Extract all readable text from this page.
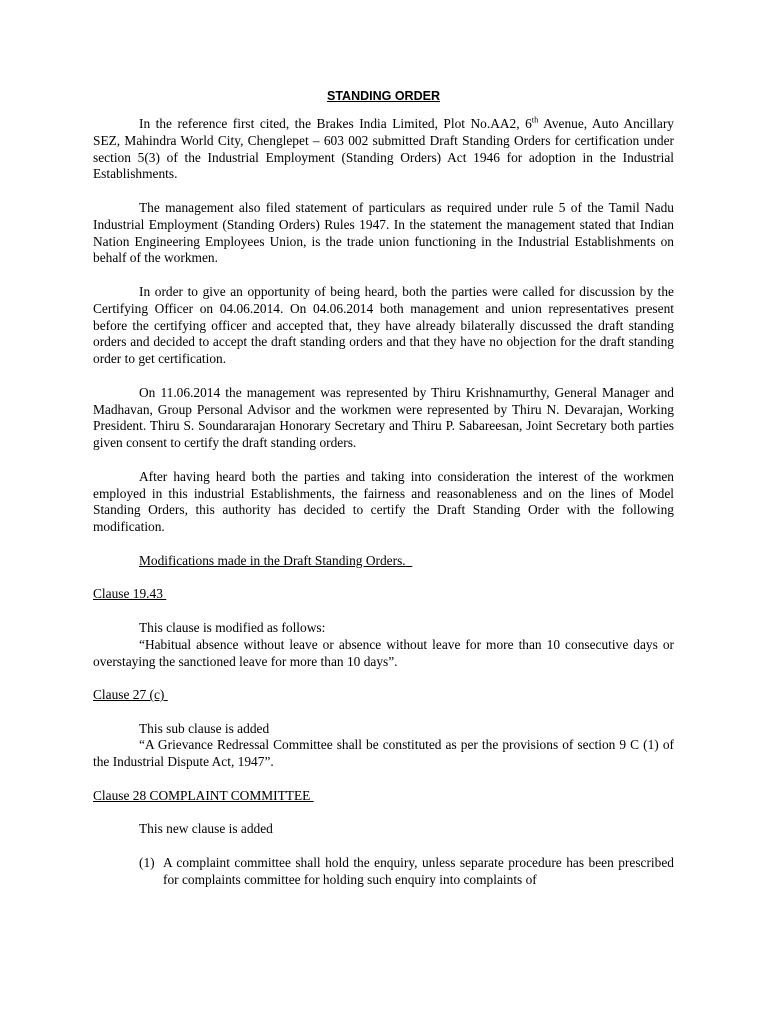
STANDING ORDER

In the reference first cited, the Brakes India Limited, Plot No.AA2, 6th Avenue, Auto Ancillary SEZ, Mahindra World City, Chenglepet – 603 002 submitted Draft Standing Orders for certification under section 5(3) of the Industrial Employment (Standing Orders) Act 1946 for adoption in the Industrial Establishments.

The management also filed statement of particulars as required under rule 5 of the Tamil Nadu Industrial Employment (Standing Orders) Rules 1947. In the statement the management stated that Indian Nation Engineering Employees Union, is the trade union functioning in the Industrial Establishments on behalf of the workmen.

In order to give an opportunity of being heard, both the parties were called for discussion by the Certifying Officer on 04.06.2014. On 04.06.2014 both management and union representatives present before the certifying officer and accepted that, they have already bilaterally discussed the draft standing orders and decided to accept the draft standing orders and that they have no objection for the draft standing order to get certification.

On 11.06.2014 the management was represented by Thiru Krishnamurthy, General Manager and Madhavan, Group Personal Advisor and the workmen were represented by Thiru N. Devarajan, Working President. Thiru S. Soundararajan Honorary Secretary and Thiru P. Sabareesan, Joint Secretary both parties given consent to certify the draft standing orders.

After having heard both the parties and taking into consideration the interest of the workmen employed in this industrial Establishments, the fairness and reasonableness and on the lines of Model Standing Orders, this authority has decided to certify the Draft Standing Order with the following modification.

Modifications made in the Draft Standing Orders.
Clause 19.43

This clause is modified as follows:

“Habitual absence without leave or absence without leave for more than 10 consecutive days or overstaying the sanctioned leave for more than 10 days”.

Clause 27 (c)

This sub clause is added

“A Grievance Redressal Committee shall be constituted as per the provisions of section 9 C (1) of the Industrial Dispute Act, 1947”.

Clause 28 COMPLAINT COMMITTEE

This new clause is added

(1) A complaint committee shall hold the enquiry, unless separate procedure has been prescribed for complaints committee for holding such enquiry into complaints of
